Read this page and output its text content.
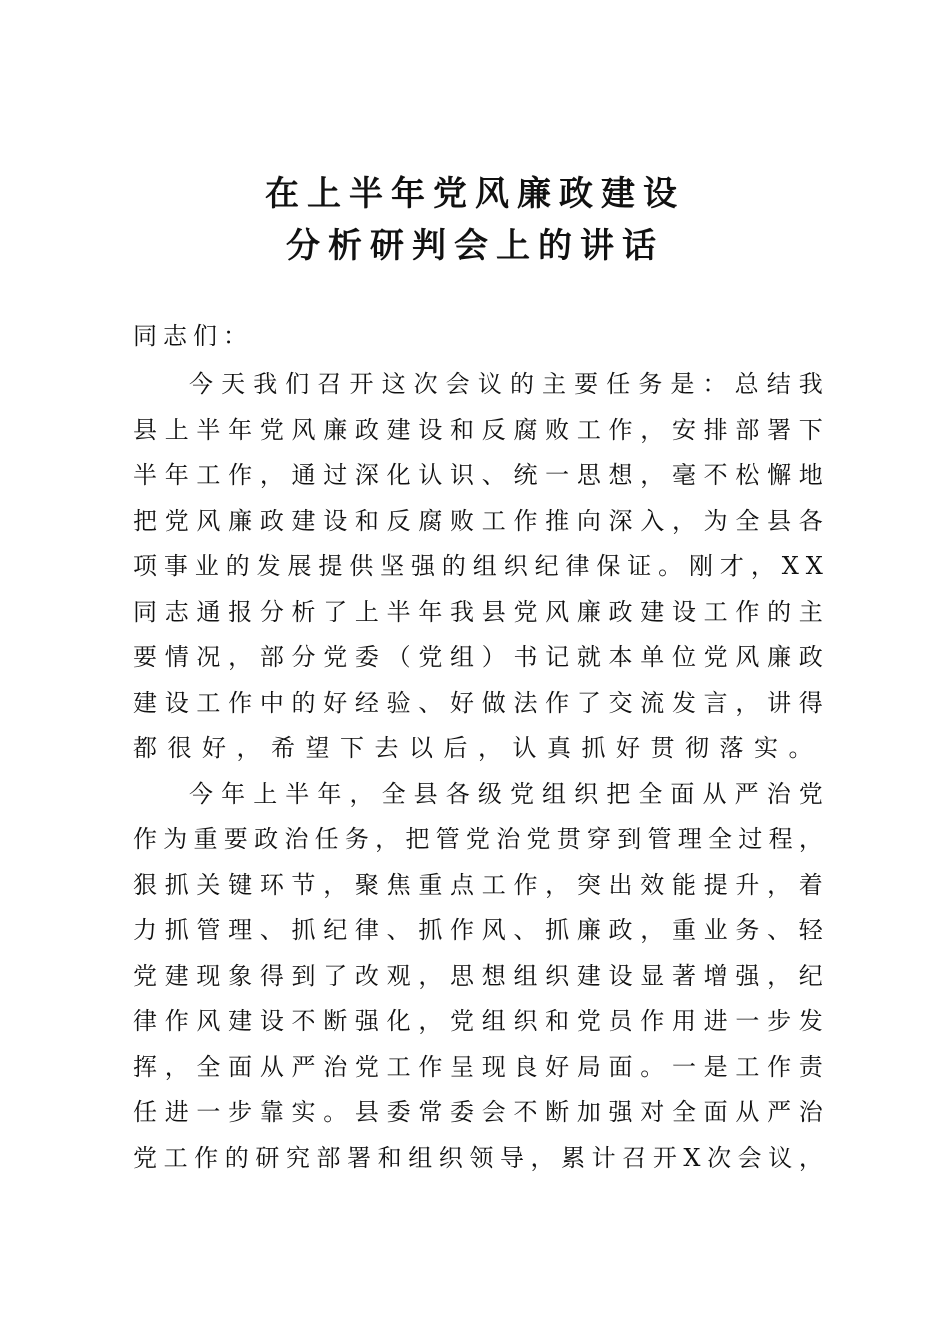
在上半年党风廉政建设
分析研判会上的讲话
同志们：
今 天 我 们 召 开 这 次 会 议 的 主 要 任 务 是 ： 总 结 我
县 上 半 年 党 风 廉 政 建 设 和 反 腐 败 工 作 ， 安 排 部 署 下
半 年 工 作 ， 通 过 深 化 认 识 、 统 一 思 想 ， 毫 不 松 懈 地
把 党 风 廉 政 建 设 和 反 腐 败 工 作 推 向 深 入 ， 为 全 县 各
项 事 业 的 发 展 提 供 坚 强 的 组 织 纪 律 保 证 。 刚 才 ， X X
同 志 通 报 分 析 了 上 半 年 我 县 党 风 廉 政 建 设 工 作 的 主
要 情 况 ， 部 分 党 委 （ 党 组 ） 书 记 就 本 单 位 党 风 廉 政
建 设 工 作 中 的 好 经 验 、 好 做 法 作 了 交 流 发 言 ， 讲 得
都很好，希望下去以后，认真抓好贯彻落实。
今 年 上 半 年 ， 全 县 各 级 党 组 织 把 全 面 从 严 治 党
作 为 重 要 政 治 任 务 ， 把 管 党 治 党 贯 穿 到 管 理 全 过 程 ，
狠 抓 关 键 环 节 ， 聚 焦 重 点 工 作 ， 突 出 效 能 提 升 ， 着
力 抓 管 理 、 抓 纪 律 、 抓 作 风 、 抓 廉 政 ， 重 业 务 、 轻
党 建 现 象 得 到 了 改 观 ， 思 想 组 织 建 设 显 著 增 强 ， 纪
律 作 风 建 设 不 断 强 化 ， 党 组 织 和 党 员 作 用 进 一 步 发
挥 ， 全 面 从 严 治 党 工 作 呈 现 良 好 局 面 。 一 是 工 作 责
任 进 一 步 靠 实 。 县 委 常 委 会 不 断 加 强 对 全 面 从 严 治
党 工 作 的 研 究 部 署 和 组 织 领 导 ， 累 计 召 开 X 次 会 议 ，
